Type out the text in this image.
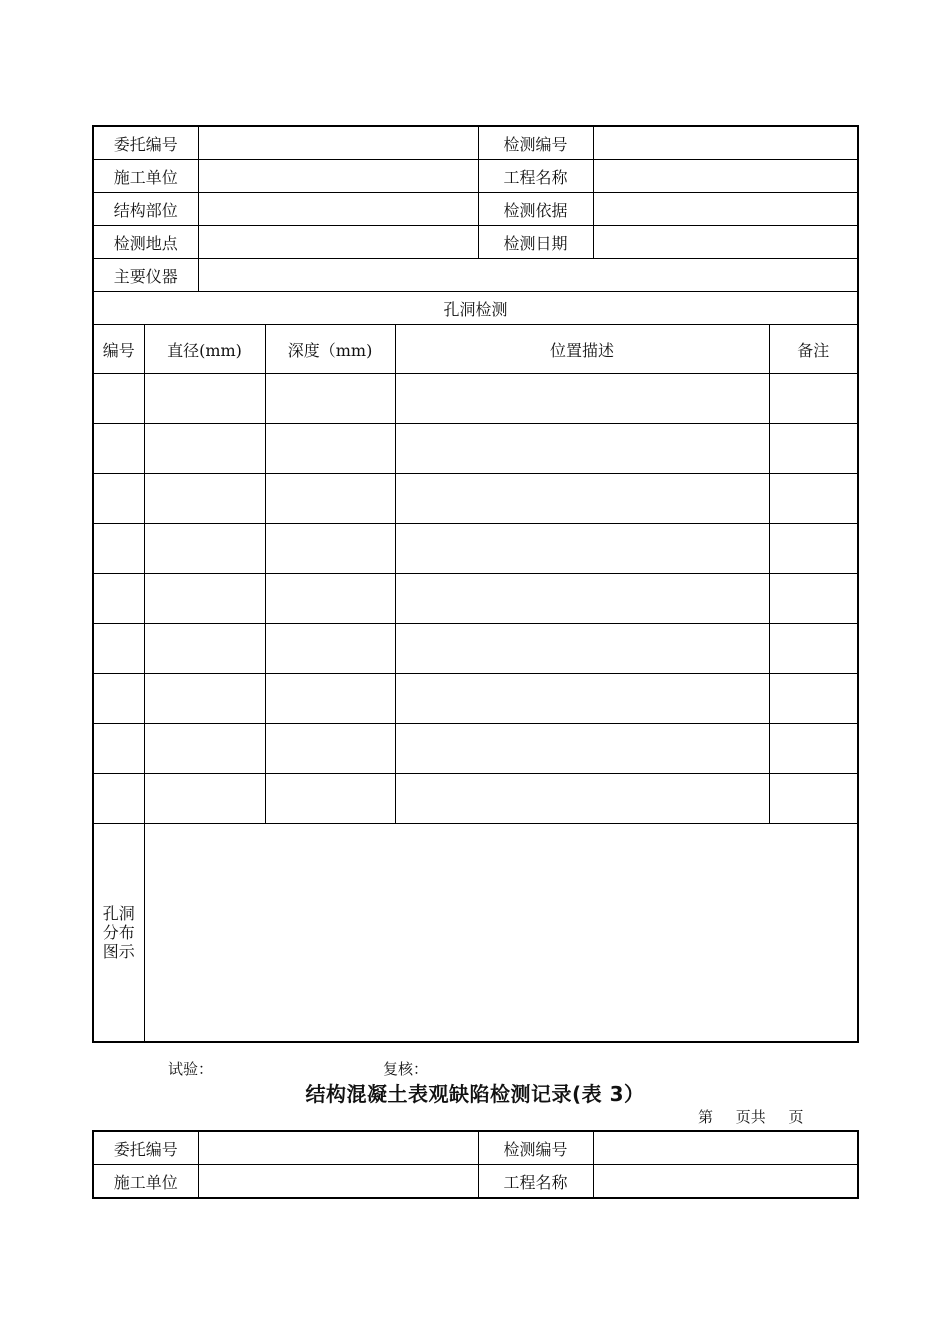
委托编号					检测编号		
施工单位					工程名称		
结构部位					检测依据		
检测地点					检测日期		
主要仪器							
孔洞检测							
编号	直径(mm)		深度（mm)	位置描述			备注

孔洞分布图示							

试验：	复核：
结构混凝土表观缺陷检测记录(表 3）
第 页共 页
委托编号		检测编号	
施工单位		工程名称	
